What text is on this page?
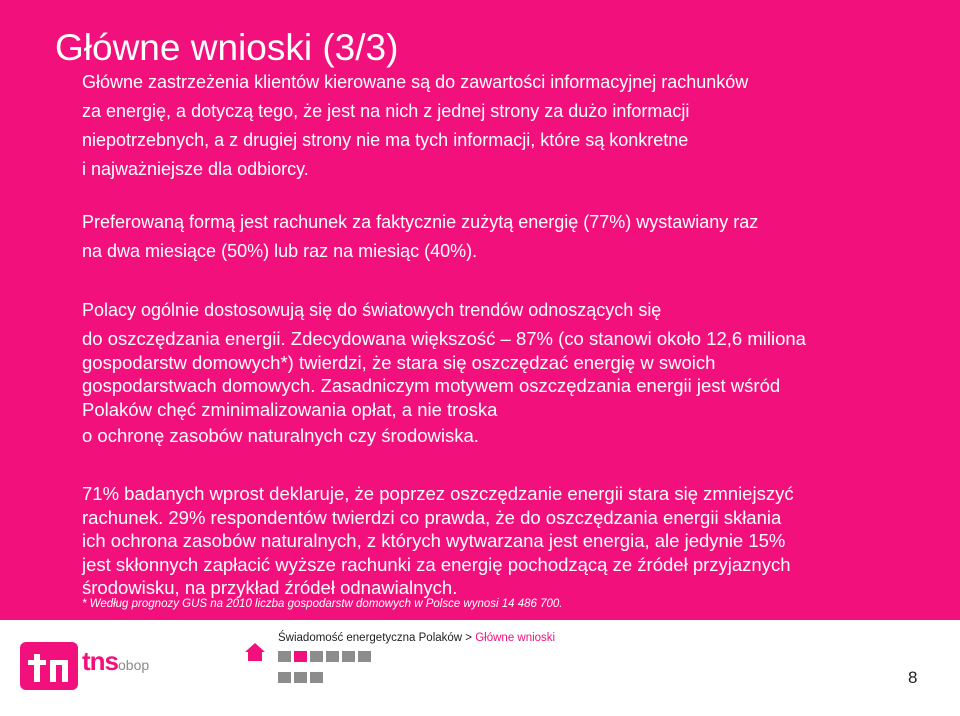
Główne wnioski (3/3)

Główne zastrzeżenia klientów kierowane są do zawartości informacyjnej rachunków
za energię, a dotyczą tego, że jest na nich z jednej strony za dużo informacji
niepotrzebnych, a z drugiej strony nie ma tych informacji, które są konkretne
i najważniejsze dla odbiorcy.

Preferowaną formą jest rachunek za faktycznie zużytą energię (77%) wystawiany raz
na dwa miesiące (50%) lub raz na miesiąc (40%).

Polacy ogólnie dostosowują się do światowych trendów odnoszących się

do oszczędzania energii. Zdecydowana większość – 87% (co stanowi około 12,6 miliona
gospodarstw domowych*) twierdzi, że stara się oszczędzać energię w swoich
gospodarstwach domowych. Zasadniczym motywem oszczędzania energii jest wśród
Polaków chęć zminimalizowania opłat, a nie troska

o ochronę zasobów naturalnych czy środowiska.

71% badanych wprost deklaruje, że poprzez oszczędzanie energii stara się zmniejszyć
rachunek. 29% respondentów twierdzi co prawda, że do oszczędzania energii skłania
ich ochrona zasobów naturalnych, z których wytwarzana jest energia, ale jedynie 15%
jest skłonnych zapłacić wyższe rachunki za energię pochodzącą ze źródeł przyjaznych
środowisku, na przykład źródeł odnawialnych.

* Według prognozy GUS na 2010 liczba gospodarstw domowych w Polsce wynosi 14 486 700.
tnsobop
Świadomość energetyczna Polaków > Główne wnioski
8
